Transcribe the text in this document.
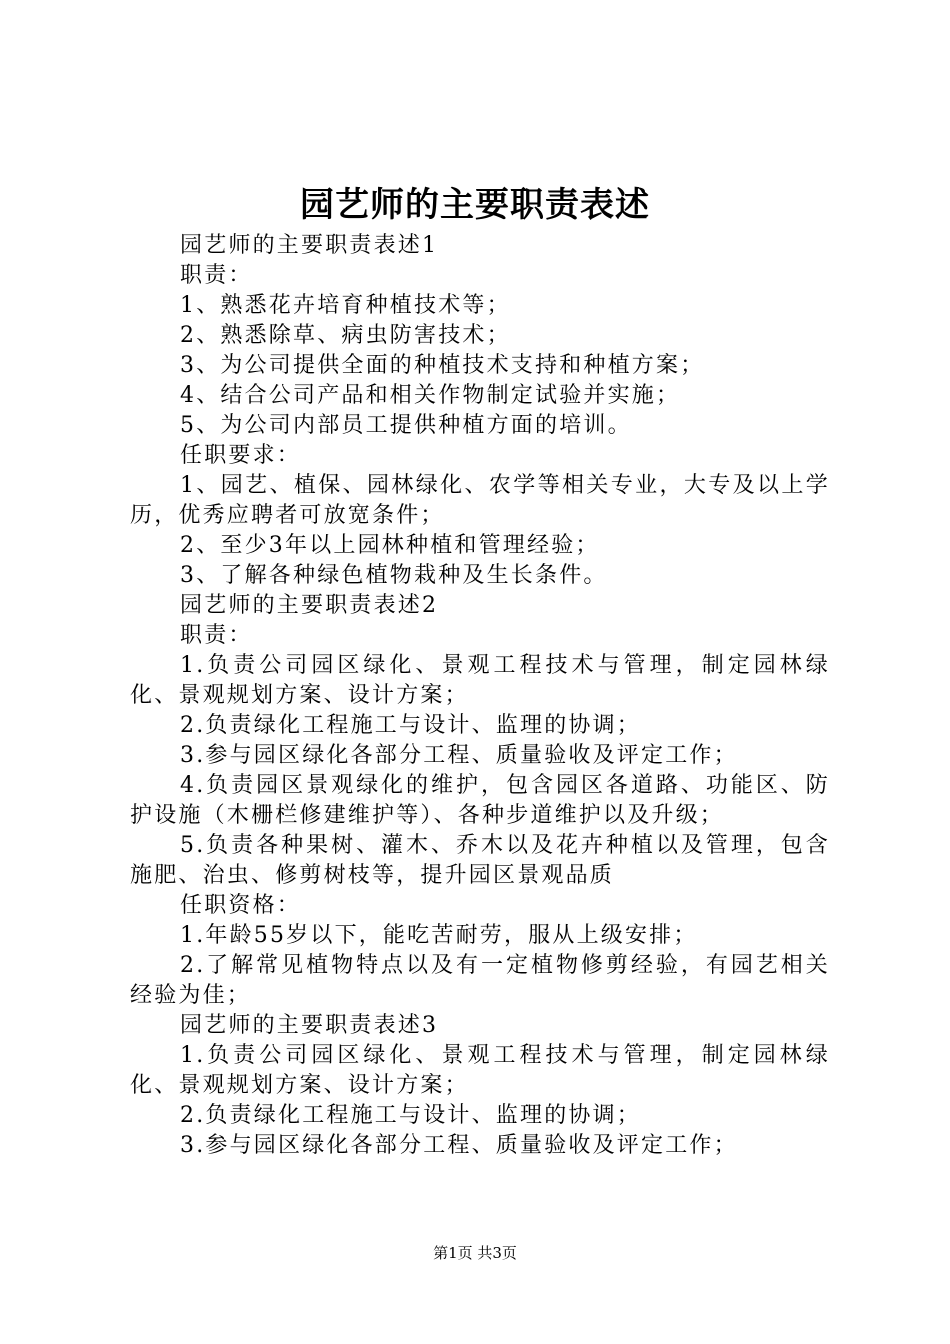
园艺师的主要职责表述

园艺师的主要职责表述1

职责：

1、熟悉花卉培育种植技术等；

2、熟悉除草、病虫防害技术；

3、为公司提供全面的种植技术支持和种植方案；

4、结合公司产品和相关作物制定试验并实施；

5、为公司内部员工提供种植方面的培训。

任职要求：

1、园艺、植保、园林绿化、农学等相关专业，大专及以上学历，优秀应聘者可放宽条件；

2、至少3年以上园林种植和管理经验；

3、了解各种绿色植物栽种及生长条件。

园艺师的主要职责表述2

职责：

1.负责公司园区绿化、景观工程技术与管理，制定园林绿化、景观规划方案、设计方案；

2.负责绿化工程施工与设计、监理的协调；

3.参与园区绿化各部分工程、质量验收及评定工作；

4.负责园区景观绿化的维护，包含园区各道路、功能区、防护设施（木栅栏修建维护等）、各种步道维护以及升级；

5.负责各种果树、灌木、乔木以及花卉种植以及管理，包含施肥、治虫、修剪树枝等，提升园区景观品质

任职资格：

1.年龄55岁以下，能吃苦耐劳，服从上级安排；

2.了解常见植物特点以及有一定植物修剪经验，有园艺相关经验为佳；

园艺师的主要职责表述3

1.负责公司园区绿化、景观工程技术与管理，制定园林绿化、景观规划方案、设计方案；

2.负责绿化工程施工与设计、监理的协调；

3.参与园区绿化各部分工程、质量验收及评定工作；

第1页 共3页
